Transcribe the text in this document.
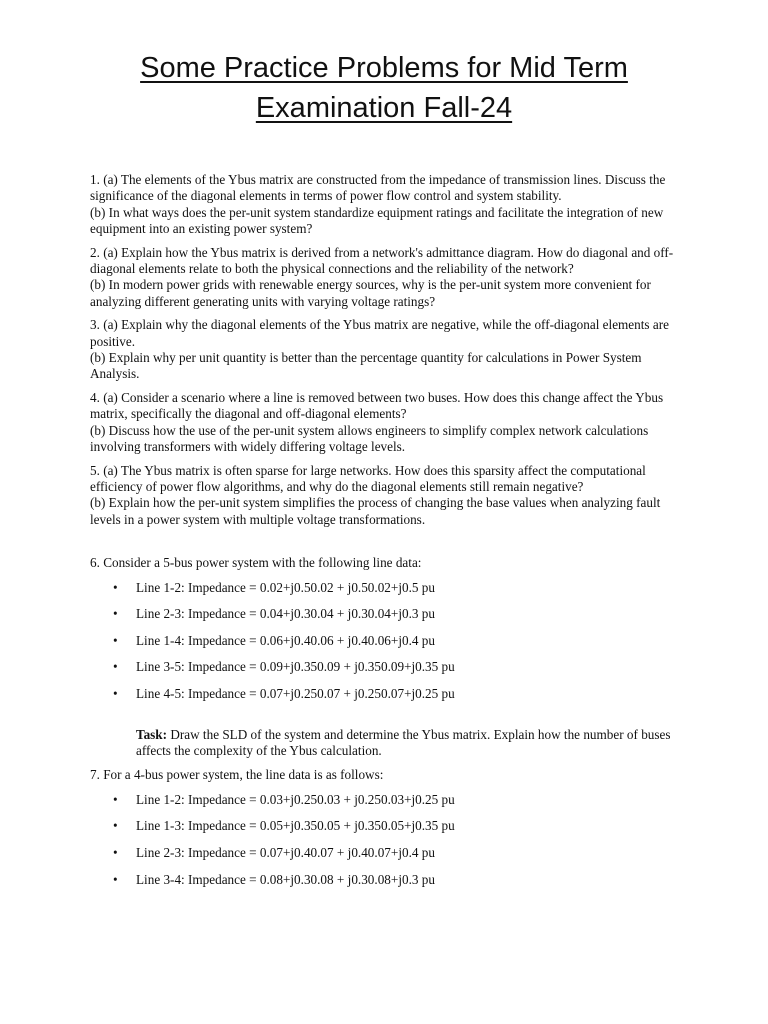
Some Practice Problems for Mid Term
Examination Fall-24

1. (a) The elements of the Ybus matrix are constructed from the impedance of transmission lines. Discuss the significance of the diagonal elements in terms of power flow control and system stability.

(b) In what ways does the per-unit system standardize equipment ratings and facilitate the integration of new equipment into an existing power system?

2. (a) Explain how the Ybus matrix is derived from a network's admittance diagram. How do diagonal and off-diagonal elements relate to both the physical connections and the reliability of the network?

(b) In modern power grids with renewable energy sources, why is the per-unit system more convenient for analyzing different generating units with varying voltage ratings?

3. (a) Explain why the diagonal elements of the Ybus matrix are negative, while the off-diagonal elements are positive.

(b) Explain why per unit quantity is better than the percentage quantity for calculations in Power System Analysis.

4. (a) Consider a scenario where a line is removed between two buses. How does this change affect the Ybus matrix, specifically the diagonal and off-diagonal elements?

(b) Discuss how the use of the per-unit system allows engineers to simplify complex network calculations involving transformers with widely differing voltage levels.

5. (a) The Ybus matrix is often sparse for large networks. How does this sparsity affect the computational efficiency of power flow algorithms, and why do the diagonal elements still remain negative?

(b) Explain how the per-unit system simplifies the process of changing the base values when analyzing fault levels in a power system with multiple voltage transformations.

6. Consider a 5-bus power system with the following line data:

• Line 1-2: Impedance = 0.02+j0.50.02 + j0.50.02+j0.5 pu
• Line 2-3: Impedance = 0.04+j0.30.04 + j0.30.04+j0.3 pu
• Line 1-4: Impedance = 0.06+j0.40.06 + j0.40.06+j0.4 pu
• Line 3-5: Impedance = 0.09+j0.350.09 + j0.350.09+j0.35 pu
• Line 4-5: Impedance = 0.07+j0.250.07 + j0.250.07+j0.25 pu

Task: Draw the SLD of the system and determine the Ybus matrix. Explain how the number of buses affects the complexity of the Ybus calculation.

7. For a 4-bus power system, the line data is as follows:

• Line 1-2: Impedance = 0.03+j0.250.03 + j0.250.03+j0.25 pu
• Line 1-3: Impedance = 0.05+j0.350.05 + j0.350.05+j0.35 pu
• Line 2-3: Impedance = 0.07+j0.40.07 + j0.40.07+j0.4 pu
• Line 3-4: Impedance = 0.08+j0.30.08 + j0.30.08+j0.3 pu
